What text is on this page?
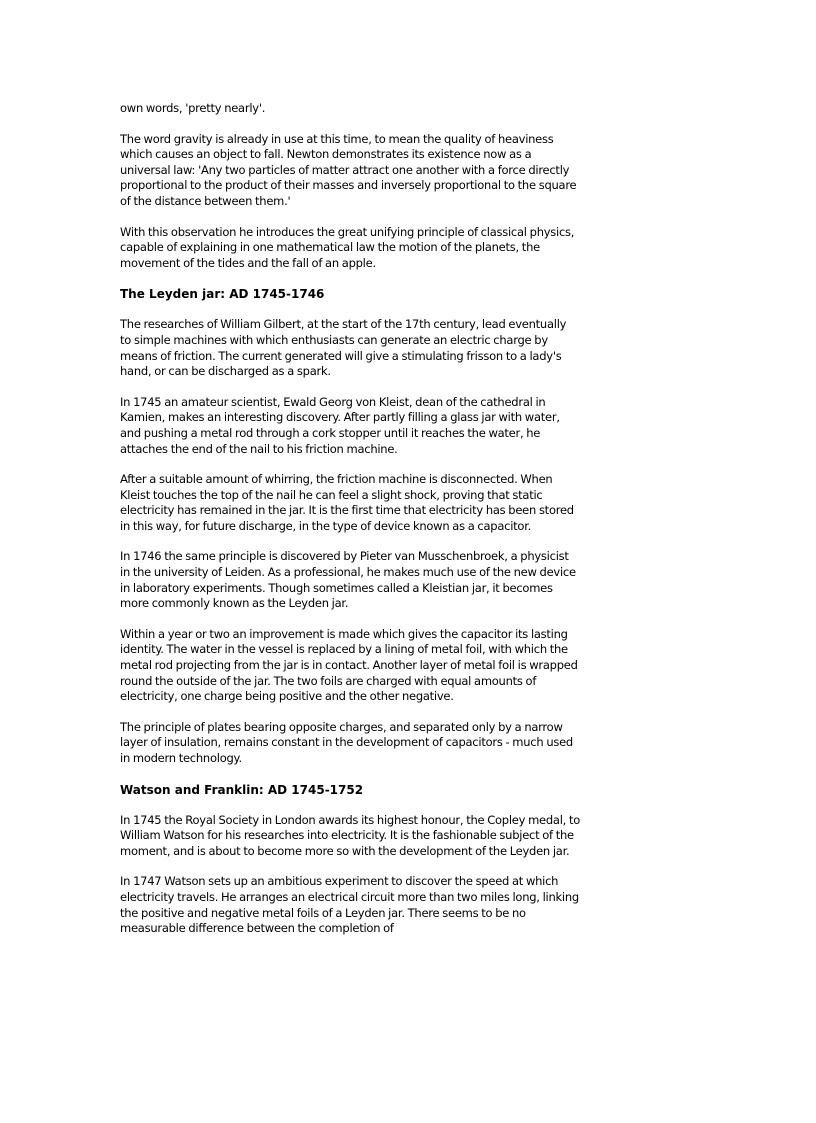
own words, 'pretty nearly'.

The word gravity is already in use at this time, to mean the quality of heaviness which causes an object to fall. Newton demonstrates its existence now as a universal law: 'Any two particles of matter attract one another with a force directly proportional to the product of their masses and inversely proportional to the square of the distance between them.'

With this observation he introduces the great unifying principle of classical physics, capable of explaining in one mathematical law the motion of the planets, the movement of the tides and the fall of an apple.

The Leyden jar: AD 1745-1746

The researches of William Gilbert, at the start of the 17th century, lead eventually to simple machines with which enthusiasts can generate an electric charge by means of friction. The current generated will give a stimulating frisson to a lady's hand, or can be discharged as a spark.

In 1745 an amateur scientist, Ewald Georg von Kleist, dean of the cathedral in Kamien, makes an interesting discovery. After partly filling a glass jar with water, and pushing a metal rod through a cork stopper until it reaches the water, he attaches the end of the nail to his friction machine.

After a suitable amount of whirring, the friction machine is disconnected. When Kleist touches the top of the nail he can feel a slight shock, proving that static electricity has remained in the jar. It is the first time that electricity has been stored in this way, for future discharge, in the type of device known as a capacitor.

In 1746 the same principle is discovered by Pieter van Musschenbroek, a physicist in the university of Leiden. As a professional, he makes much use of the new device in laboratory experiments. Though sometimes called a Kleistian jar, it becomes more commonly known as the Leyden jar.

Within a year or two an improvement is made which gives the capacitor its lasting identity. The water in the vessel is replaced by a lining of metal foil, with which the metal rod projecting from the jar is in contact. Another layer of metal foil is wrapped round the outside of the jar. The two foils are charged with equal amounts of electricity, one charge being positive and the other negative.

The principle of plates bearing opposite charges, and separated only by a narrow layer of insulation, remains constant in the development of capacitors - much used in modern technology.

Watson and Franklin: AD 1745-1752

In 1745 the Royal Society in London awards its highest honour, the Copley medal, to William Watson for his researches into electricity. It is the fashionable subject of the moment, and is about to become more so with the development of the Leyden jar.

In 1747 Watson sets up an ambitious experiment to discover the speed at which electricity travels. He arranges an electrical circuit more than two miles long, linking the positive and negative metal foils of a Leyden jar. There seems to be no measurable difference between the completion of
